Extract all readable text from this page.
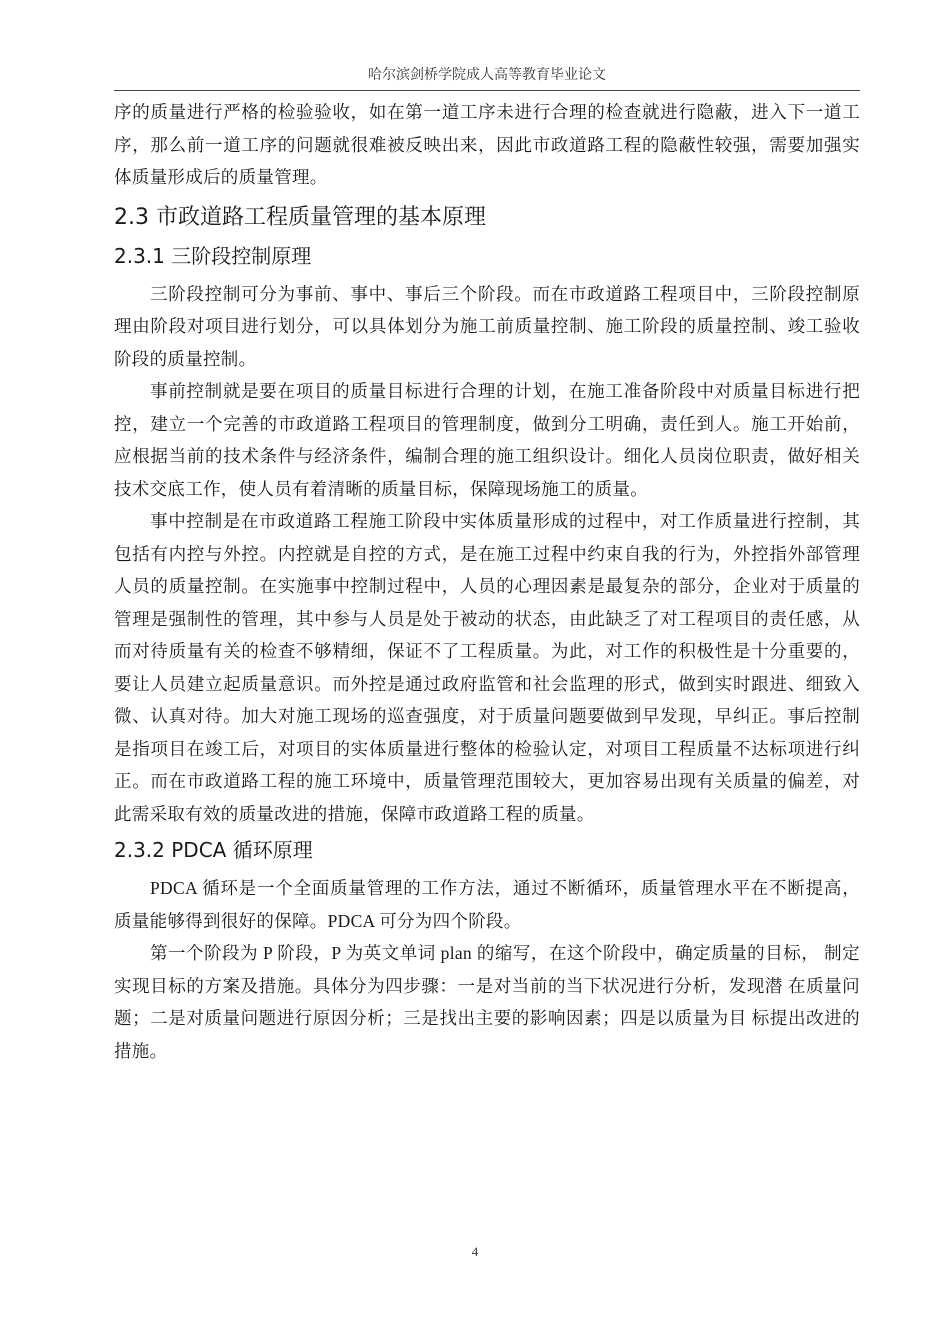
哈尔滨剑桥学院成人高等教育毕业论文

序的质量进行严格的检验验收，如在第一道工序未进行合理的检查就进行隐蔽，进入下一道工序，那么前一道工序的问题就很难被反映出来，因此市政道路工程的隐蔽性较强，需要加强实体质量形成后的质量管理。

2.3 市政道路工程质量管理的基本原理
2.3.1 三阶段控制原理

三阶段控制可分为事前、事中、事后三个阶段。而在市政道路工程项目中，三阶段控制原理由阶段对项目进行划分，可以具体划分为施工前质量控制、施工阶段的质量控制、竣工验收阶段的质量控制。

事前控制就是要在项目的质量目标进行合理的计划，在施工准备阶段中对质量目标进行把控，建立一个完善的市政道路工程项目的管理制度，做到分工明确，责任到人。施工开始前，应根据当前的技术条件与经济条件，编制合理的施工组织设计。细化人员岗位职责，做好相关技术交底工作，使人员有着清晰的质量目标，保障现场施工的质量。

事中控制是在市政道路工程施工阶段中实体质量形成的过程中，对工作质量进行控制，其包括有内控与外控。内控就是自控的方式，是在施工过程中约束自我的行为，外控指外部管理人员的质量控制。在实施事中控制过程中，人员的心理因素是最复杂的部分，企业对于质量的管理是强制性的管理，其中参与人员是处于被动的状态，由此缺乏了对工程项目的责任感，从而对待质量有关的检查不够精细，保证不了工程质量。为此，对工作的积极性是十分重要的，要让人员建立起质量意识。而外控是通过政府监管和社会监理的形式，做到实时跟进、细致入微、认真对待。加大对施工现场的巡查强度，对于质量问题要做到早发现，早纠正。事后控制是指项目在竣工后，对项目的实体质量进行整体的检验认定，对项目工程质量不达标项进行纠正。而在市政道路工程的施工环境中，质量管理范围较大，更加容易出现有关质量的偏差，对此需采取有效的质量改进的措施，保障市政道路工程的质量。

2.3.2 PDCA 循环原理

PDCA 循环是一个全面质量管理的工作方法，通过不断循环，质量管理水平在不断提高，质量能够得到很好的保障。PDCA 可分为四个阶段。

第一个阶段为 P 阶段，P 为英文单词 plan 的缩写，在这个阶段中，确定质量的目标， 制定实现目标的方案及措施。具体分为四步骤：一是对当前的当下状况进行分析，发现潜 在质量问题；二是对质量问题进行原因分析；三是找出主要的影响因素；四是以质量为目 标提出改进的措施。

4
